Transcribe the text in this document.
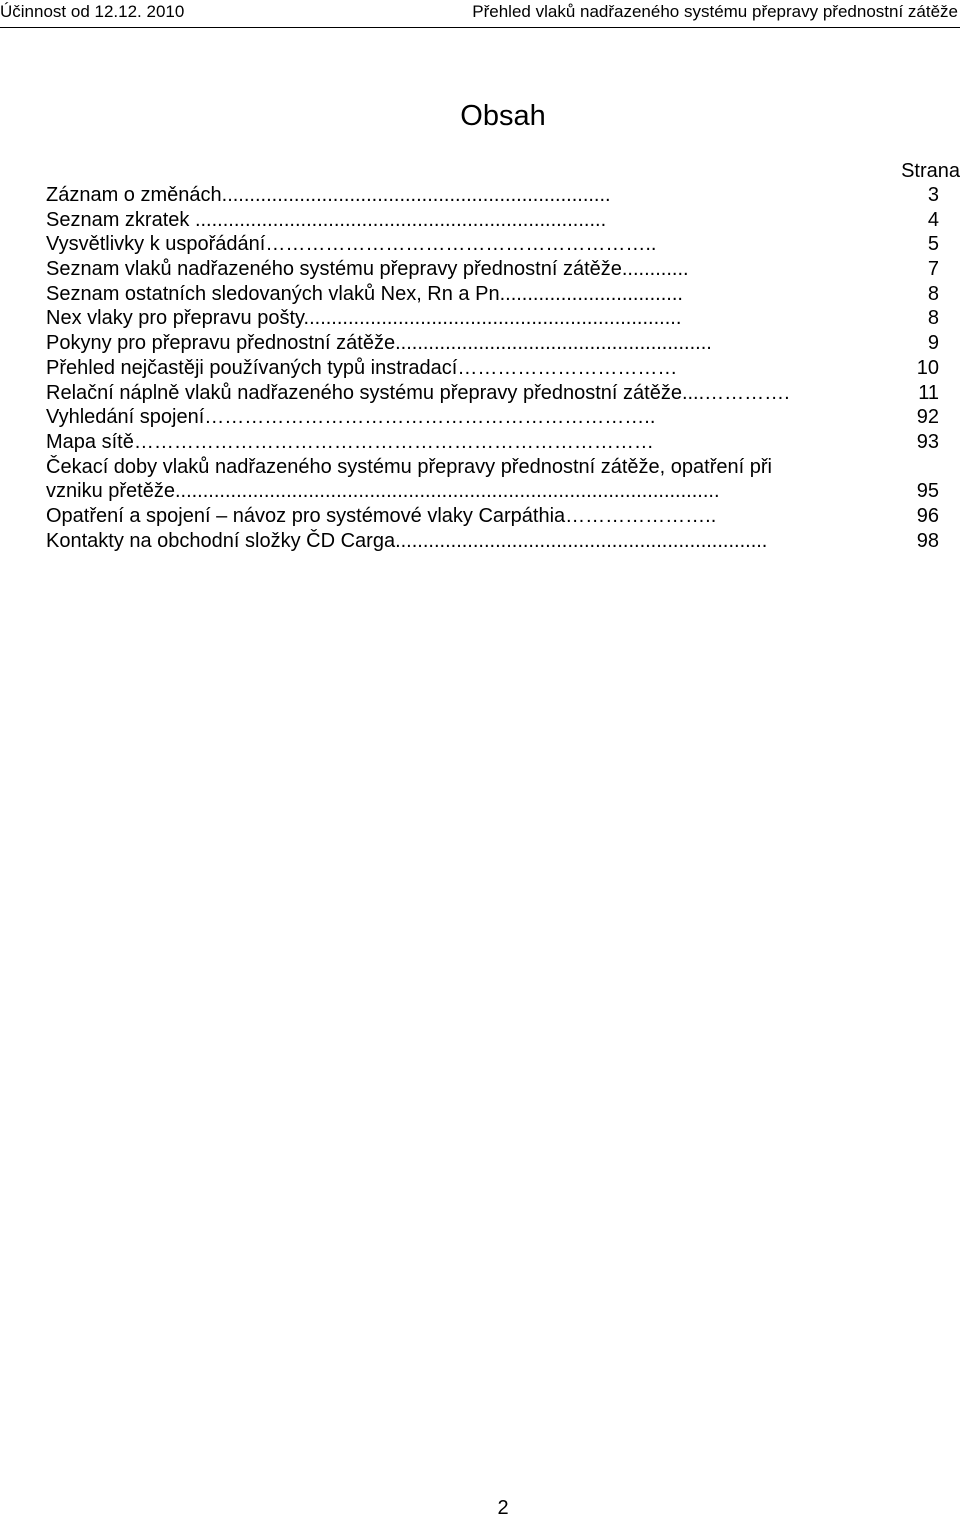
Účinnost od 12.12. 2010	Přehled vlaků nadřazeného systému přepravy přednostní zátěže
Obsah
Strana
Záznam o změnách......................................................................	3
Seznam zkratek ..........................................................................	4
Vysvětlivky k uspořádání…………………………………………………..	5
Seznam vlaků nadřazeného systému přepravy přednostní zátěže............	7
Seznam ostatních sledovaných vlaků Nex, Rn a Pn.................................	8
Nex vlaky pro přepravu pošty....................................................................	8
Pokyny pro přepravu přednostní zátěže.........................................................	9
Přehled nejčastěji používaných typů instradací……………………………	10
Relační náplně vlaků nadřazeného systému přepravy přednostní zátěže....………….	11
Vyhledání spojení…………………………………………………………..	92
Mapa sítě……………………………………………………………………	93
Čekací doby vlaků nadřazeného systému přepravy přednostní zátěže, opatření při
vzniku přetěže..................................................................................................	95
Opatření a spojení – návoz pro systémové vlaky Carpáthia…………………..	96
Kontakty na obchodní složky ČD Carga...................................................................	98
2
